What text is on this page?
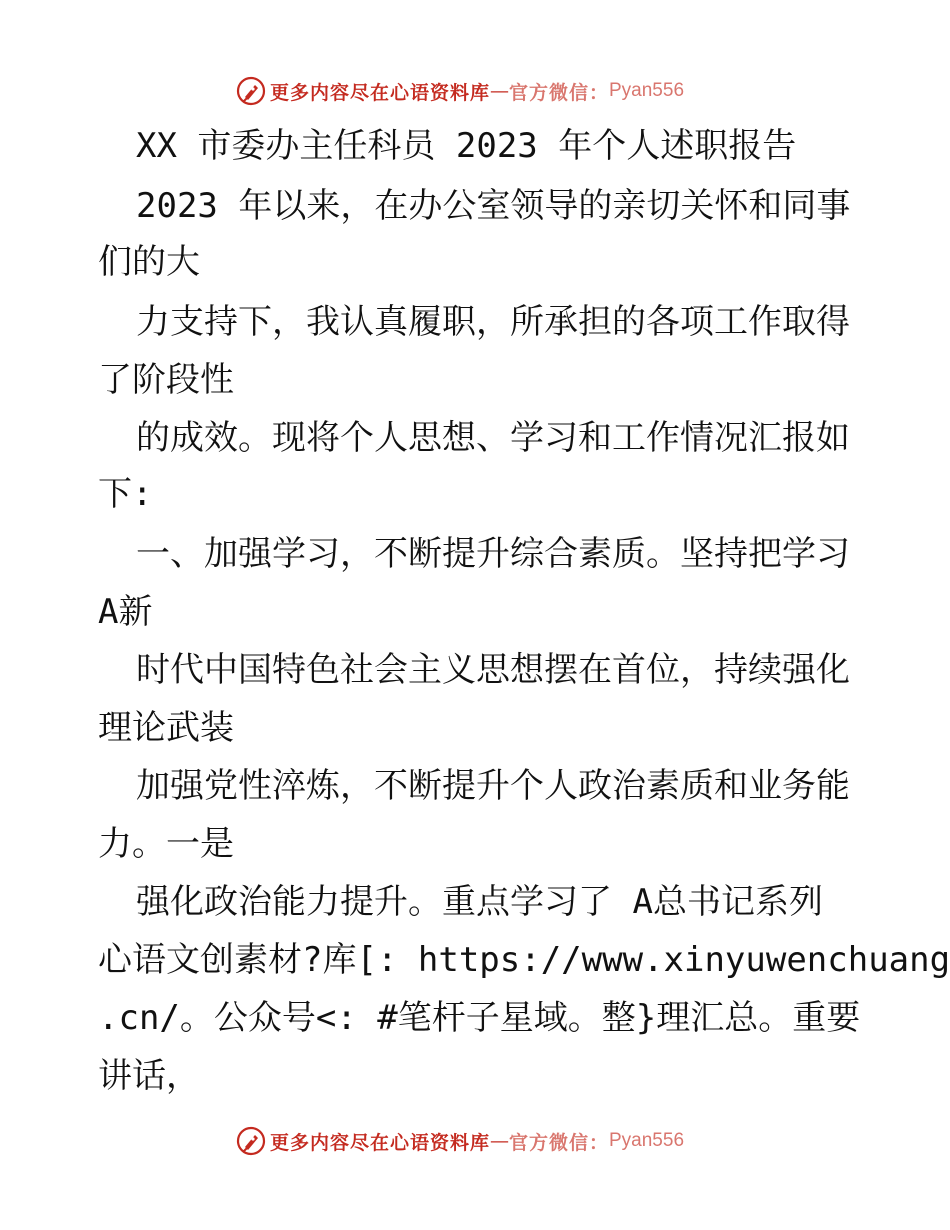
更多内容尽在心语资料库 — 官方微信： Pyan556
XX 市委办主任科员 2023 年个人述职报告
2023 年以来，在办公室领导的亲切关怀和同事
们的大
力支持下，我认真履职，所承担的各项工作取得
了阶段性
的成效。现将个人思想、学习和工作情况汇报如
下:
一、加强学习，不断提升综合素质。坚持把学习
A新
时代中国特色社会主义思想摆在首位，持续强化
理论武装
加强党性淬炼，不断提升个人政治素质和业务能
力。一是
强化政治能力提升。重点学习了 A总书记系列
心语文创素材?库[: https://www.xinyuwenchuang
.cn/。公众号<: #笔杆子星域。整}理汇总。重要
讲话，
更多内容尽在心语资料库 — 官方微信： Pyan556
